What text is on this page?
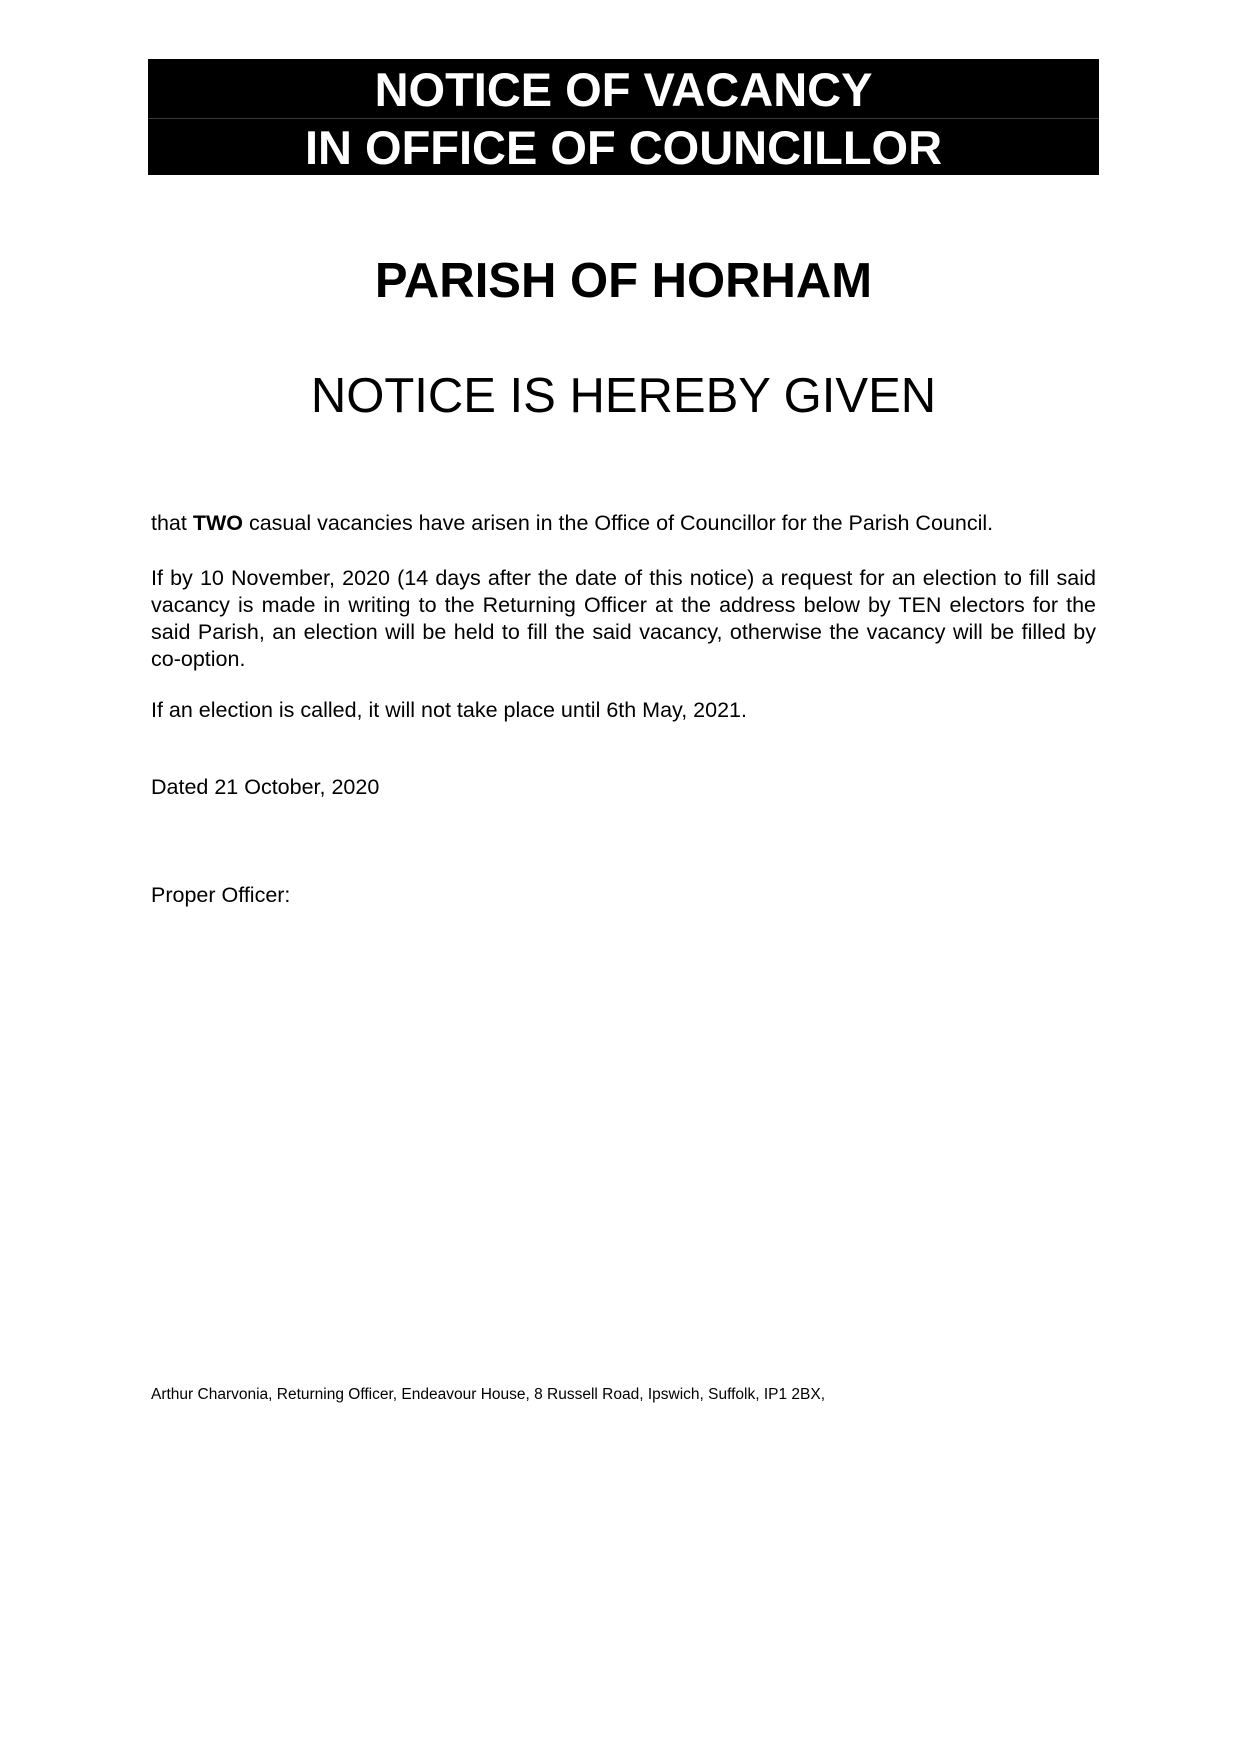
NOTICE OF VACANCY
IN OFFICE OF COUNCILLOR
PARISH OF HORHAM
NOTICE IS HEREBY GIVEN
that TWO casual vacancies have arisen in the Office of Councillor for the Parish Council.
If by 10 November, 2020 (14 days after the date of this notice) a request for an election to fill said vacancy is made in writing to the Returning Officer at the address below by TEN electors for the said Parish, an election will be held to fill the said vacancy, otherwise the vacancy will be filled by co-option.
If an election is called, it will not take place until 6th May, 2021.
Dated 21 October, 2020
Proper Officer:
Arthur Charvonia, Returning Officer, Endeavour House, 8 Russell Road, Ipswich, Suffolk, IP1 2BX,
